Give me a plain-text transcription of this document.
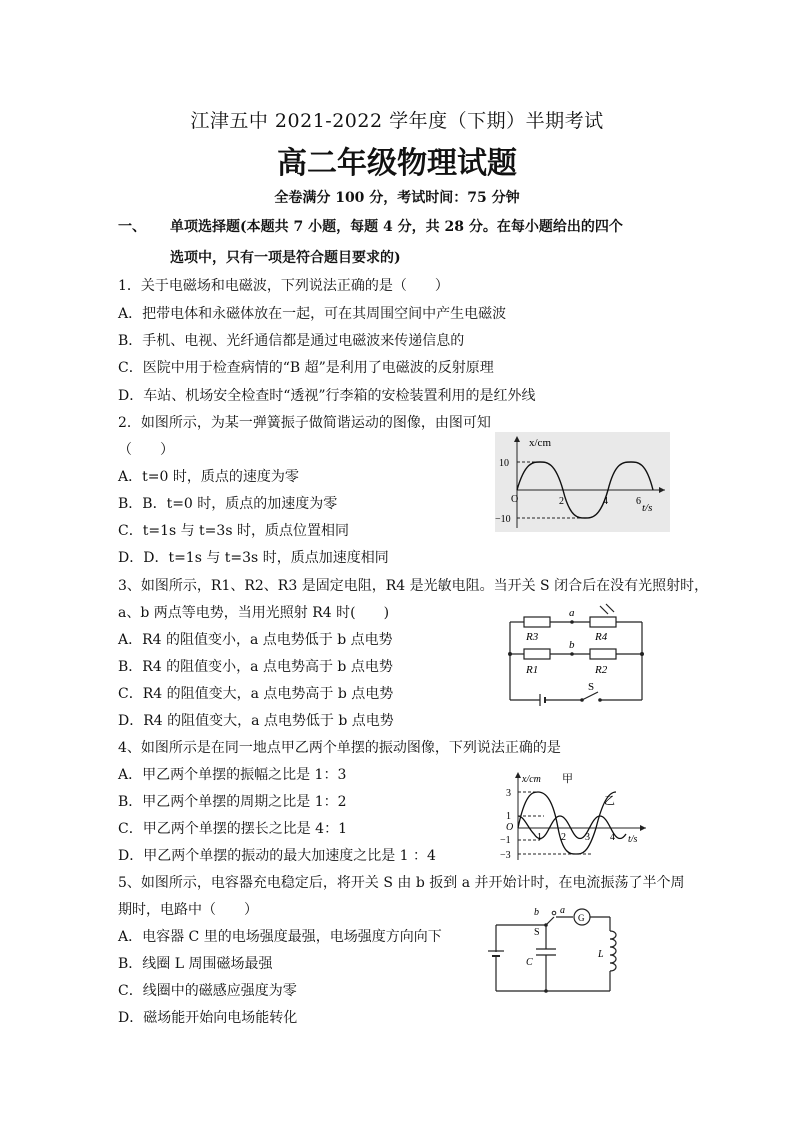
江津五中 2021-2022 学年度（下期）半期考试
高二年级物理试题
全卷满分 100 分，考试时间：75 分钟
一、 单项选择题(本题共 7 小题，每题 4 分，共 28 分。在每小题给出的四个
选项中，只有一项是符合题目要求的)
1．关于电磁场和电磁波，下列说法正确的是（　　）
A．把带电体和永磁体放在一起，可在其周围空间中产生电磁波
B．手机、电视、光纤通信都是通过电磁波来传递信息的
C．医院中用于检查病情的“B 超”是利用了电磁波的反射原理
D．车站、机场安全检查时“透视”行李箱的安检装置利用的是红外线
2．如图所示，为某一弹簧振子做简谐运动的图像，由图可知
（　　）
A．t=0 时，质点的速度为零
B．B．t=0 时，质点的加速度为零
C．t=1s 与 t=3s 时，质点位置相同
D．D．t=1s 与 t=3s 时，质点加速度相同
x/cm
t/s
10
−10
O	2	4	6
3、如图所示，R1、R2、R3 是固定电阻，R4 是光敏电阻。当开关 S 闭合后在没有光照射时，
a、b 两点等电势，当用光照射 R4 时(　　)
A．R4 的阻值变小，a 点电势低于 b 点电势
B．R4 的阻值变小，a 点电势高于 b 点电势
C．R4 的阻值变大，a 点电势高于 b 点电势
D．R4 的阻值变大，a 点电势低于 b 点电势
R3	R4
R1	R2
a
b
S
4、如图所示是在同一地点甲乙两个单摆的振动图像，下列说法正确的是
A．甲乙两个单摆的振幅之比是 1：3
B．甲乙两个单摆的周期之比是 1：2
C．甲乙两个单摆的摆长之比是 4：1
D．甲乙两个单摆的振动的最大加速度之比是 1 ：4
x/cm
t/s
甲
乙
3
1
O
−1
−3
1 2 3 4
5、如图所示，电容器充电稳定后，将开关 S 由 b 扳到 a 并开始计时，在电流振荡了半个周
期时，电路中（　　）
A．电容器 C 里的电场强度最强，电场强度方向向下
B．线圈 L 周围磁场最强
C．线圈中的磁感应强度为零
D．磁场能开始向电场能转化
b a
S
G
C
L
